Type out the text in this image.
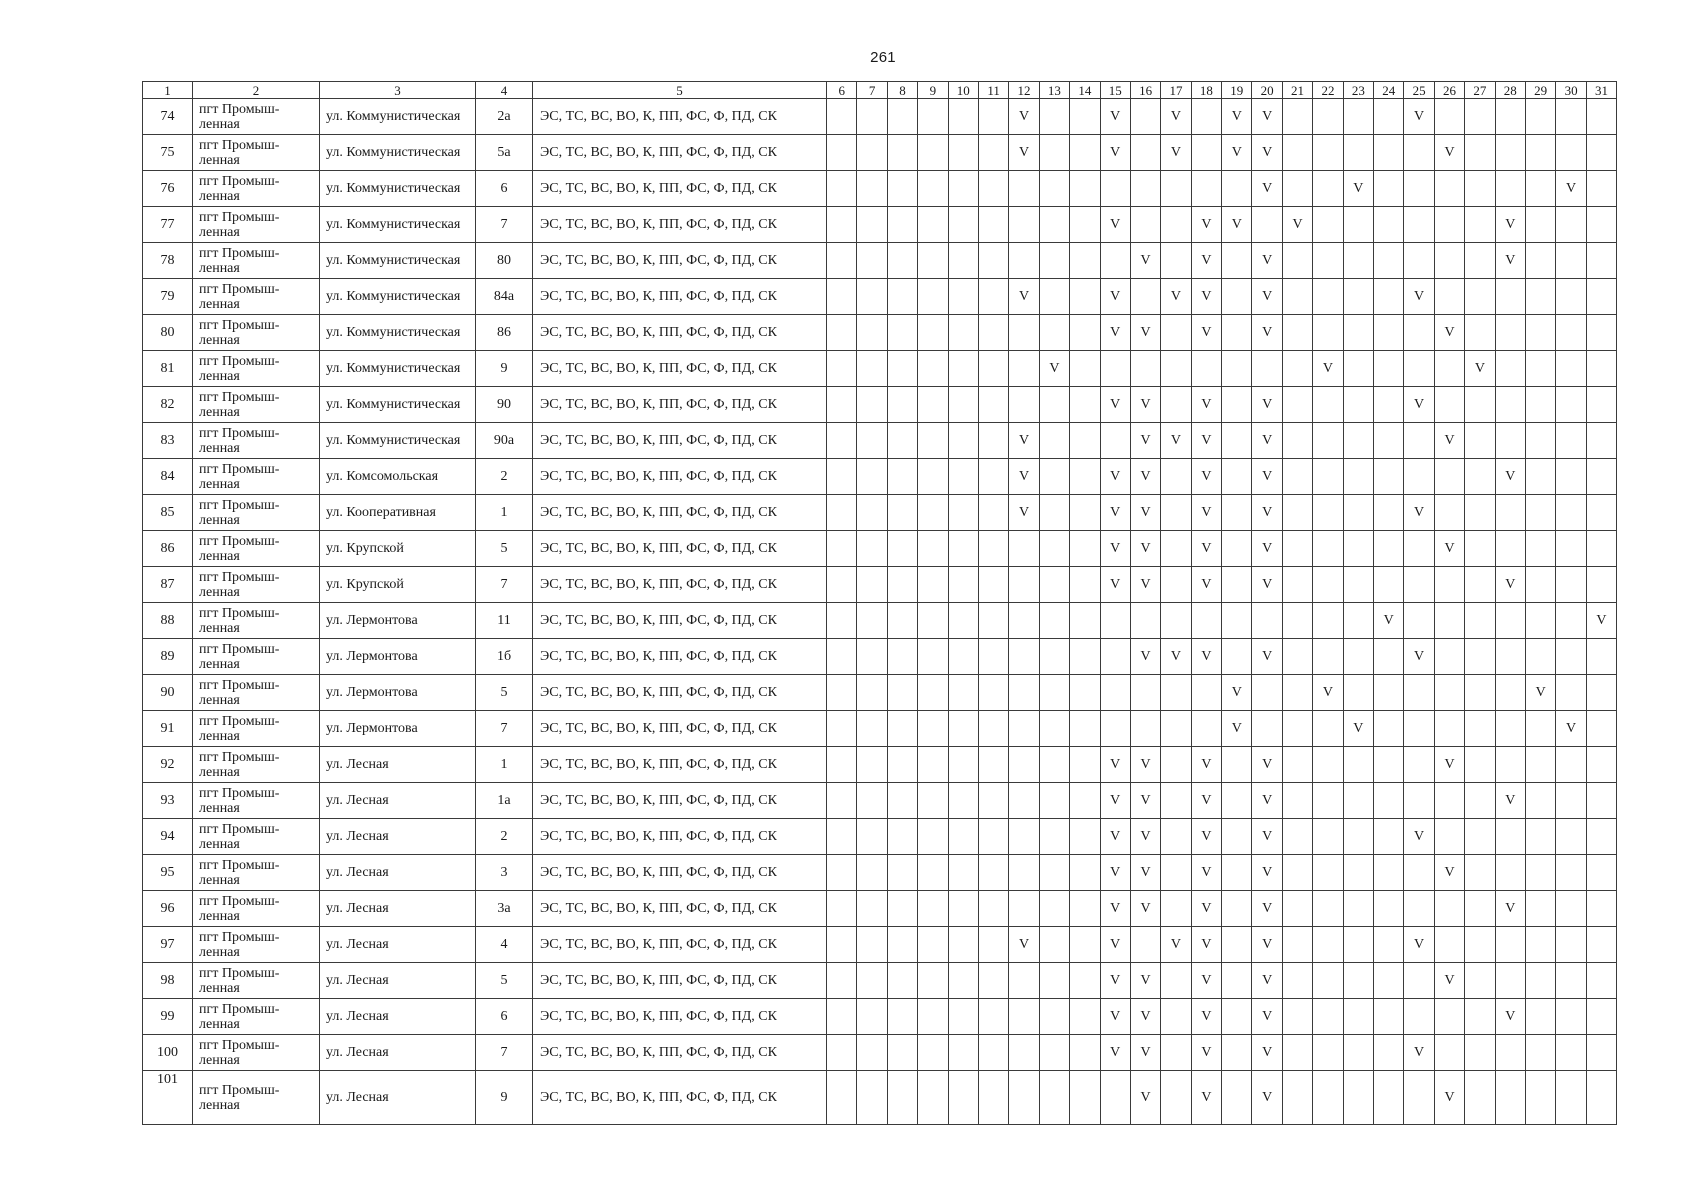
261
1	2	3	4	5	6	7	8	9	10	11	12	13	14	15	16	17	18	19	20	21	22	23	24	25	26	27	28	29	30	31
74	пгт Промыш-ленная	ул. Коммунистическая	2а	ЭС, ТС, ВС, ВО, К, ПП, ФС, Ф, ПД, СК							V			V		V		V	V					V						
75	пгт Промыш-ленная	ул. Коммунистическая	5а	ЭС, ТС, ВС, ВО, К, ПП, ФС, Ф, ПД, СК							V			V		V		V	V						V					
76	пгт Промыш-ленная	ул. Коммунистическая	6	ЭС, ТС, ВС, ВО, К, ПП, ФС, Ф, ПД, СК															V			V							V	
77	пгт Промыш-ленная	ул. Коммунистическая	7	ЭС, ТС, ВС, ВО, К, ПП, ФС, Ф, ПД, СК										V			V	V		V							V			
78	пгт Промыш-ленная	ул. Коммунистическая	80	ЭС, ТС, ВС, ВО, К, ПП, ФС, Ф, ПД, СК											V		V		V								V			
79	пгт Промыш-ленная	ул. Коммунистическая	84а	ЭС, ТС, ВС, ВО, К, ПП, ФС, Ф, ПД, СК							V			V		V	V		V					V						
80	пгт Промыш-ленная	ул. Коммунистическая	86	ЭС, ТС, ВС, ВО, К, ПП, ФС, Ф, ПД, СК										V	V		V		V						V					
81	пгт Промыш-ленная	ул. Коммунистическая	9	ЭС, ТС, ВС, ВО, К, ПП, ФС, Ф, ПД, СК								V									V					V				
82	пгт Промыш-ленная	ул. Коммунистическая	90	ЭС, ТС, ВС, ВО, К, ПП, ФС, Ф, ПД, СК										V	V		V		V					V						
83	пгт Промыш-ленная	ул. Коммунистическая	90а	ЭС, ТС, ВС, ВО, К, ПП, ФС, Ф, ПД, СК							V				V	V	V		V						V					
84	пгт Промыш-ленная	ул. Комсомольская	2	ЭС, ТС, ВС, ВО, К, ПП, ФС, Ф, ПД, СК							V			V	V		V		V								V			
85	пгт Промыш-ленная	ул. Кооперативная	1	ЭС, ТС, ВС, ВО, К, ПП, ФС, Ф, ПД, СК							V			V	V		V		V					V						
86	пгт Промыш-ленная	ул. Крупской	5	ЭС, ТС, ВС, ВО, К, ПП, ФС, Ф, ПД, СК										V	V		V		V						V					
87	пгт Промыш-ленная	ул. Крупской	7	ЭС, ТС, ВС, ВО, К, ПП, ФС, Ф, ПД, СК										V	V		V		V								V			
88	пгт Промыш-ленная	ул. Лермонтова	11	ЭС, ТС, ВС, ВО, К, ПП, ФС, Ф, ПД, СК																			V							V
89	пгт Промыш-ленная	ул. Лермонтова	1б	ЭС, ТС, ВС, ВО, К, ПП, ФС, Ф, ПД, СК											V	V	V		V					V						
90	пгт Промыш-ленная	ул. Лермонтова	5	ЭС, ТС, ВС, ВО, К, ПП, ФС, Ф, ПД, СК														V			V							V		
91	пгт Промыш-ленная	ул. Лермонтова	7	ЭС, ТС, ВС, ВО, К, ПП, ФС, Ф, ПД, СК														V				V							V	
92	пгт Промыш-ленная	ул. Лесная	1	ЭС, ТС, ВС, ВО, К, ПП, ФС, Ф, ПД, СК										V	V		V		V						V					
93	пгт Промыш-ленная	ул. Лесная	1а	ЭС, ТС, ВС, ВО, К, ПП, ФС, Ф, ПД, СК										V	V		V		V								V			
94	пгт Промыш-ленная	ул. Лесная	2	ЭС, ТС, ВС, ВО, К, ПП, ФС, Ф, ПД, СК										V	V		V		V					V						
95	пгт Промыш-ленная	ул. Лесная	3	ЭС, ТС, ВС, ВО, К, ПП, ФС, Ф, ПД, СК										V	V		V		V						V					
96	пгт Промыш-ленная	ул. Лесная	3а	ЭС, ТС, ВС, ВО, К, ПП, ФС, Ф, ПД, СК										V	V		V		V								V			
97	пгт Промыш-ленная	ул. Лесная	4	ЭС, ТС, ВС, ВО, К, ПП, ФС, Ф, ПД, СК							V			V		V	V		V					V						
98	пгт Промыш-ленная	ул. Лесная	5	ЭС, ТС, ВС, ВО, К, ПП, ФС, Ф, ПД, СК										V	V		V		V						V					
99	пгт Промыш-ленная	ул. Лесная	6	ЭС, ТС, ВС, ВО, К, ПП, ФС, Ф, ПД, СК										V	V		V		V								V			
100	пгт Промыш-ленная	ул. Лесная	7	ЭС, ТС, ВС, ВО, К, ПП, ФС, Ф, ПД, СК										V	V		V		V					V						
101	пгт Промыш-ленная	ул. Лесная	9	ЭС, ТС, ВС, ВО, К, ПП, ФС, Ф, ПД, СК											V		V		V						V					
